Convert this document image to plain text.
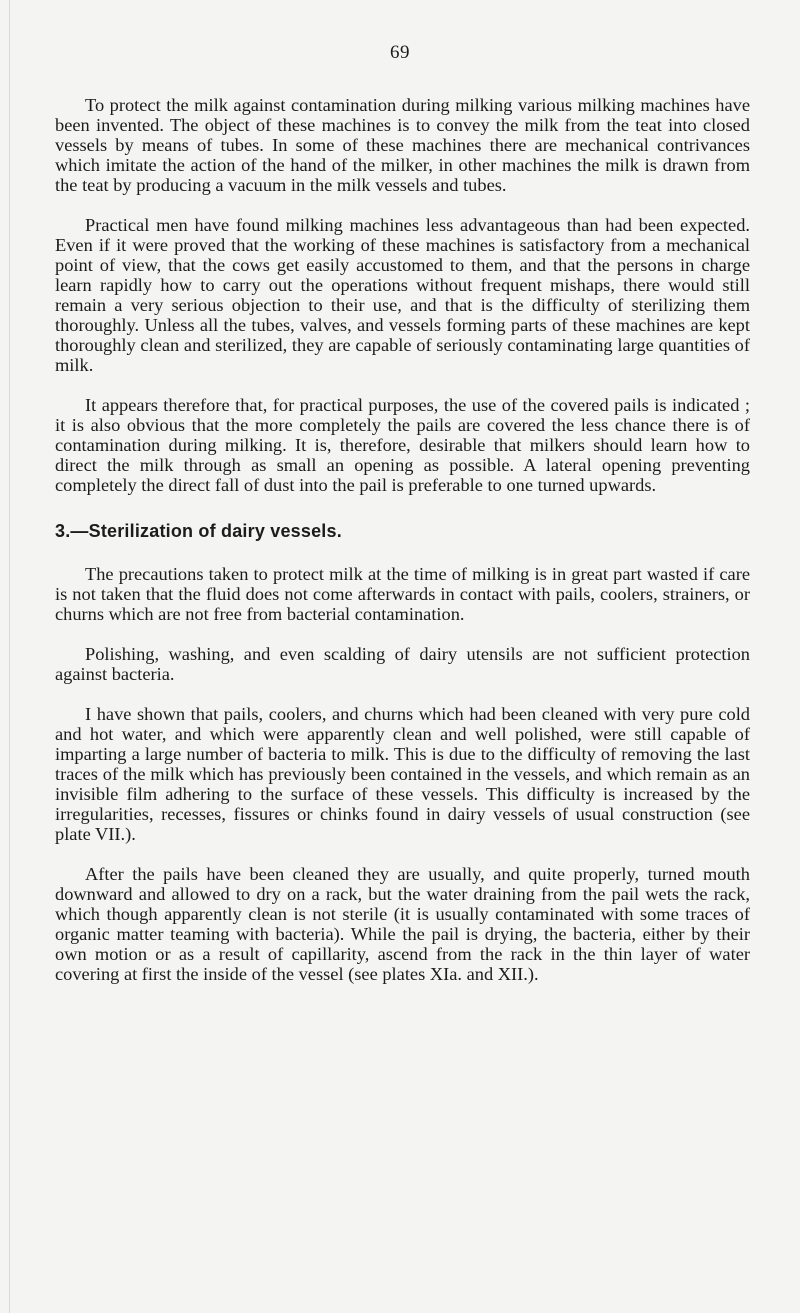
69

To protect the milk against contamination during milking various milking machines have been invented. The object of these machines is to convey the milk from the teat into closed vessels by means of tubes. In some of these machines there are mechanical contrivances which imitate the action of the hand of the milker, in other machines the milk is drawn from the teat by producing a vacuum in the milk vessels and tubes.

Practical men have found milking machines less advantageous than had been expected. Even if it were proved that the working of these machines is satisfactory from a mechanical point of view, that the cows get easily accustomed to them, and that the persons in charge learn rapidly how to carry out the operations without frequent mishaps, there would still remain a very serious objection to their use, and that is the difficulty of sterilizing them thoroughly. Unless all the tubes, valves, and vessels forming parts of these machines are kept thoroughly clean and sterilized, they are capable of seriously contaminating large quantities of milk.

It appears therefore that, for practical purposes, the use of the covered pails is indicated ; it is also obvious that the more completely the pails are covered the less chance there is of contamination during milking. It is, therefore, desirable that milkers should learn how to direct the milk through as small an opening as possible. A lateral opening preventing completely the direct fall of dust into the pail is preferable to one turned upwards.

3.—Sterilization of dairy vessels.

The precautions taken to protect milk at the time of milking is in great part wasted if care is not taken that the fluid does not come afterwards in contact with pails, coolers, strainers, or churns which are not free from bacterial contamination.

Polishing, washing, and even scalding of dairy utensils are not sufficient protection against bacteria.

I have shown that pails, coolers, and churns which had been cleaned with very pure cold and hot water, and which were apparently clean and well polished, were still capable of imparting a large number of bacteria to milk. This is due to the difficulty of removing the last traces of the milk which has previously been contained in the vessels, and which remain as an invisible film adhering to the surface of these vessels. This difficulty is increased by the irregularities, recesses, fissures or chinks found in dairy vessels of usual construction (see plate VII.).

After the pails have been cleaned they are usually, and quite properly, turned mouth downward and allowed to dry on a rack, but the water draining from the pail wets the rack, which though apparently clean is not sterile (it is usually contaminated with some traces of organic matter teaming with bacteria). While the pail is drying, the bacteria, either by their own motion or as a result of capillarity, ascend from the rack in the thin layer of water covering at first the inside of the vessel (see plates XIa. and XII.).
